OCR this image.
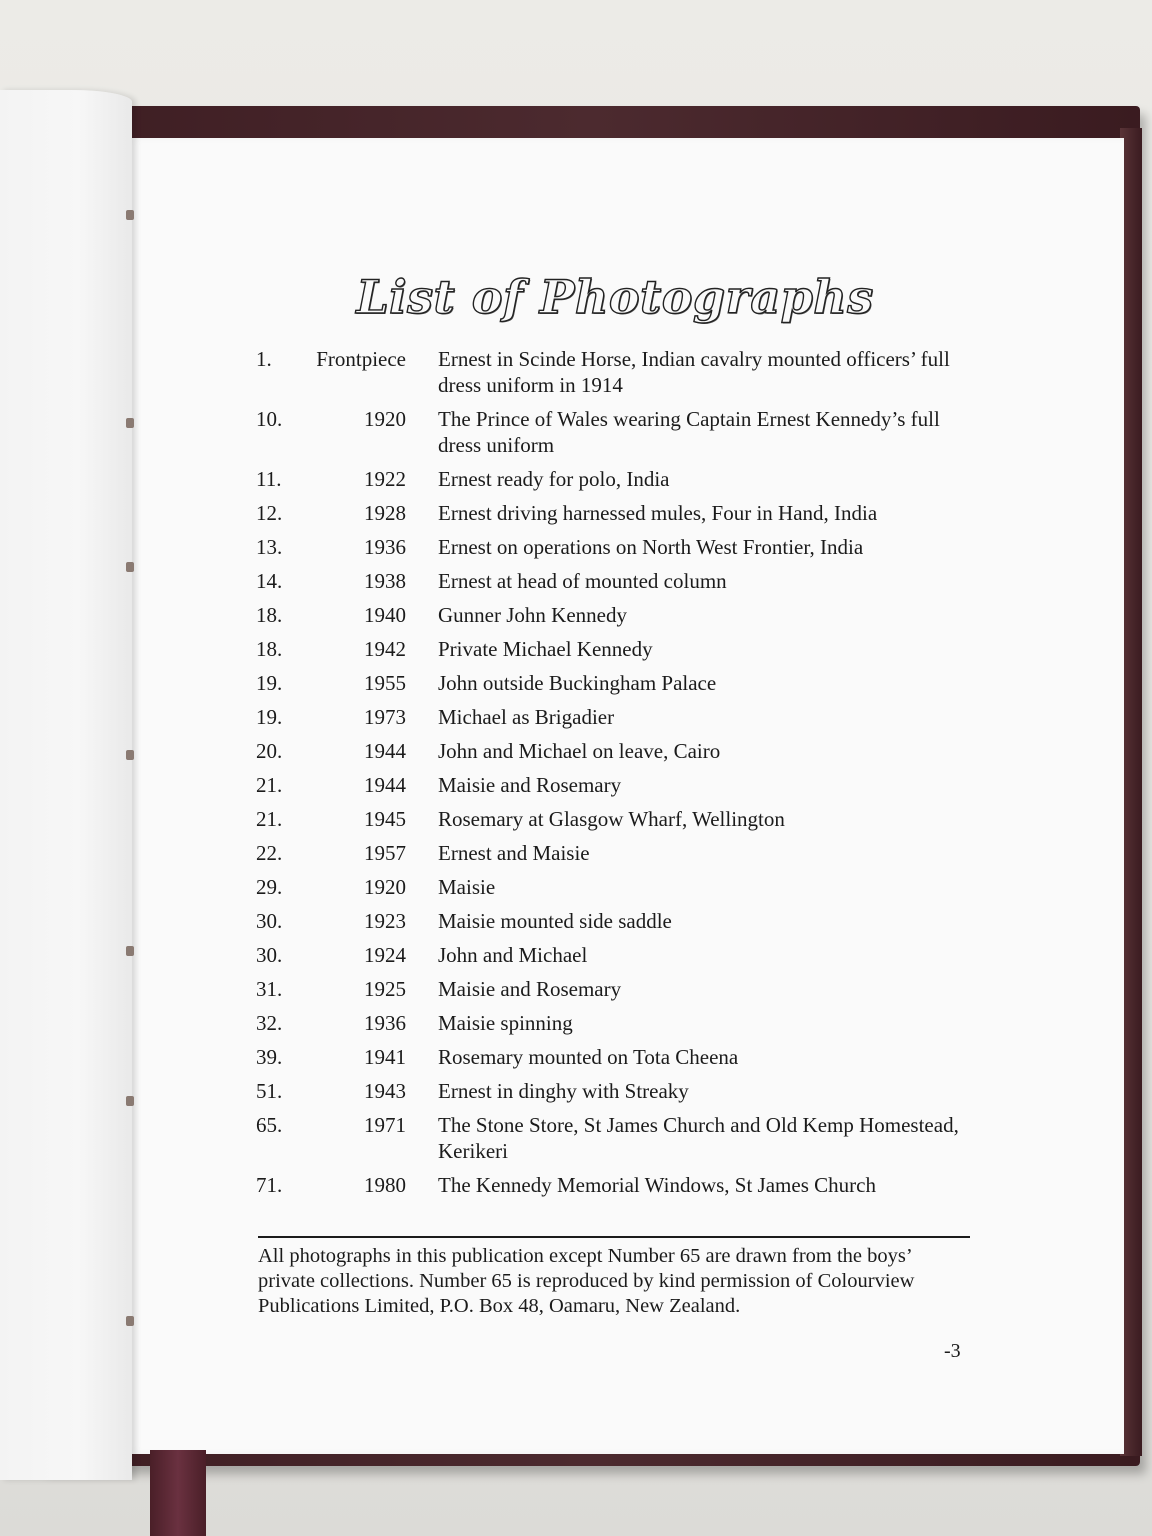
List of Photographs
1.	Frontpiece	Ernest in Scinde Horse, Indian cavalry mounted officers’ full dress uniform in 1914
10.	1920	The Prince of Wales wearing Captain Ernest Kennedy’s full dress uniform
11.	1922	Ernest ready for polo, India
12.	1928	Ernest driving harnessed mules, Four in Hand, India
13.	1936	Ernest on operations on North West Frontier, India
14.	1938	Ernest at head of mounted column
18.	1940	Gunner John Kennedy
18.	1942	Private Michael Kennedy
19.	1955	John outside Buckingham Palace
19.	1973	Michael as Brigadier
20.	1944	John and Michael on leave, Cairo
21.	1944	Maisie and Rosemary
21.	1945	Rosemary at Glasgow Wharf, Wellington
22.	1957	Ernest and Maisie
29.	1920	Maisie
30.	1923	Maisie mounted side saddle
30.	1924	John and Michael
31.	1925	Maisie and Rosemary
32.	1936	Maisie spinning
39.	1941	Rosemary mounted on Tota Cheena
51.	1943	Ernest in dinghy with Streaky
65.	1971	The Stone Store, St James Church and Old Kemp Homestead, Kerikeri
71.	1980	The Kennedy Memorial Windows, St James Church
All photographs in this publication except Number 65 are drawn from the boys’ private collections. Number 65 is reproduced by kind permission of Colourview Publications Limited, P.O. Box 48, Oamaru, New Zealand.
-3
